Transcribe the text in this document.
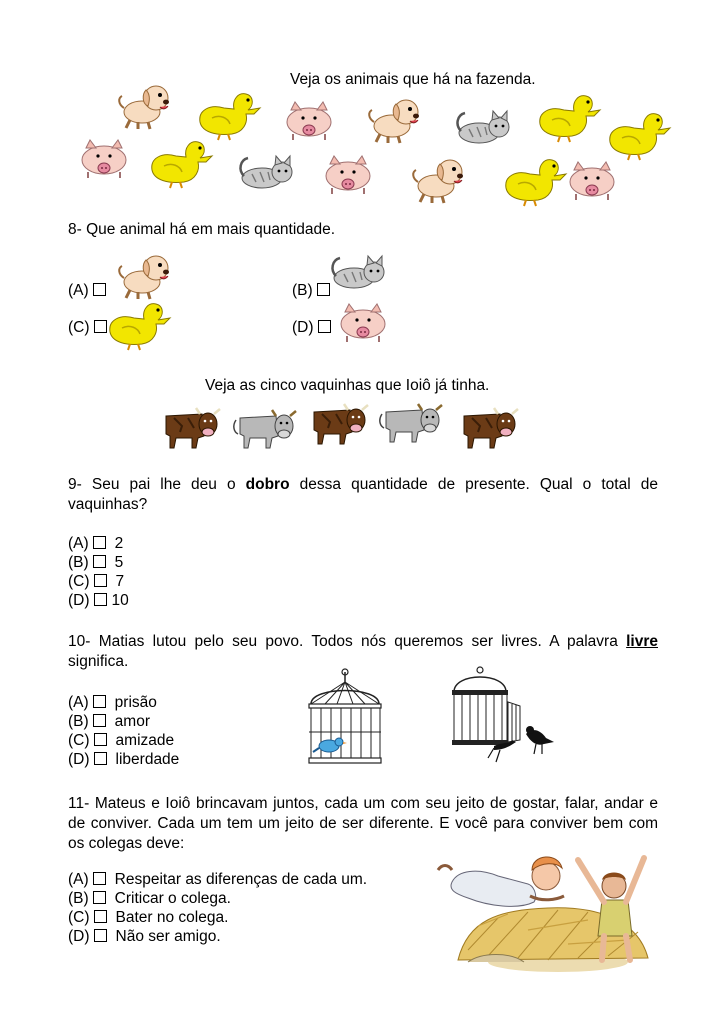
Veja os animais que há na fazenda.
8- Que animal há em mais quantidade.
(A)	(B)
(C)	(D)
Veja as cinco vaquinhas que Ioiô já tinha.
9- Seu pai lhe deu o dobro dessa quantidade de presente. Qual o total de vaquinhas?
(A) 2
(B) 5
(C) 7
(D) 10
10- Matias lutou pelo seu povo. Todos nós queremos ser livres. A palavra livre significa.
(A) prisão
(B) amor
(C) amizade
(D) liberdade
11- Mateus e Ioiô brincavam juntos, cada um com seu jeito de gostar, falar, andar e de conviver. Cada um tem um jeito de ser diferente. E você para conviver bem com os colegas deve:
(A) Respeitar as diferenças de cada um.
(B) Criticar o colega.
(C) Bater no colega.
(D) Não ser amigo.
